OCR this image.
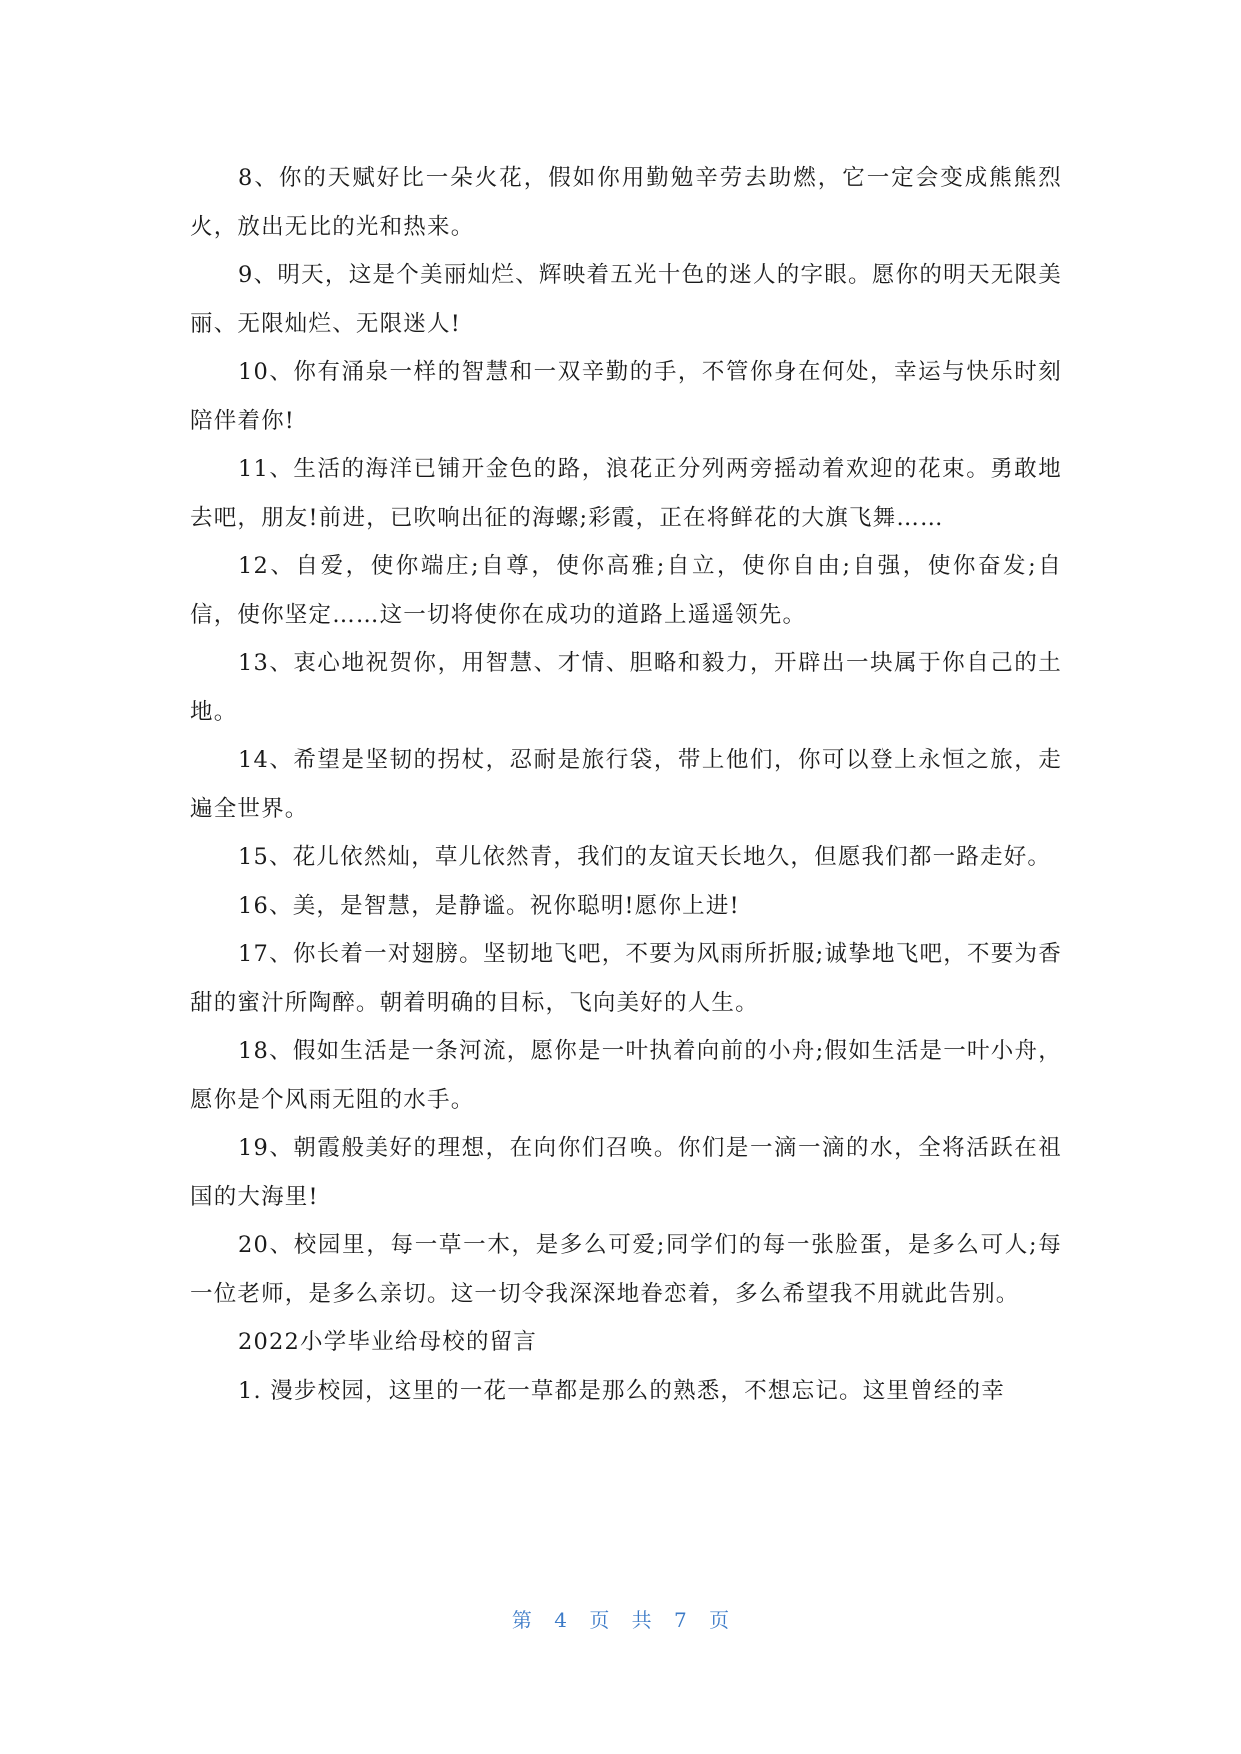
8、你的天赋好比一朵火花，假如你用勤勉辛劳去助燃，它一定会变成熊熊烈火，放出无比的光和热来。

9、明天，这是个美丽灿烂、辉映着五光十色的迷人的字眼。愿你的明天无限美丽、无限灿烂、无限迷人!

10、你有涌泉一样的智慧和一双辛勤的手，不管你身在何处，幸运与快乐时刻陪伴着你!

11、生活的海洋已铺开金色的路，浪花正分列两旁摇动着欢迎的花束。勇敢地去吧，朋友!前进，已吹响出征的海螺;彩霞，正在将鲜花的大旗飞舞……

12、自爱，使你端庄;自尊，使你高雅;自立，使你自由;自强，使你奋发;自信，使你坚定……这一切将使你在成功的道路上遥遥领先。

13、衷心地祝贺你，用智慧、才情、胆略和毅力，开辟出一块属于你自己的土地。

14、希望是坚韧的拐杖，忍耐是旅行袋，带上他们，你可以登上永恒之旅，走遍全世界。

15、花儿依然灿，草儿依然青，我们的友谊天长地久，但愿我们都一路走好。

16、美，是智慧，是静谧。祝你聪明!愿你上进!

17、你长着一对翅膀。坚韧地飞吧，不要为风雨所折服;诚挚地飞吧，不要为香甜的蜜汁所陶醉。朝着明确的目标，飞向美好的人生。

18、假如生活是一条河流，愿你是一叶执着向前的小舟;假如生活是一叶小舟，愿你是个风雨无阻的水手。

19、朝霞般美好的理想，在向你们召唤。你们是一滴一滴的水，全将活跃在祖国的大海里!

20、校园里，每一草一木，是多么可爱;同学们的每一张脸蛋，是多么可人;每一位老师，是多么亲切。这一切令我深深地眷恋着，多么希望我不用就此告别。

2022小学毕业给母校的留言

1. 漫步校园，这里的一花一草都是那么的熟悉，不想忘记。这里曾经的幸

第 4 页 共 7 页
